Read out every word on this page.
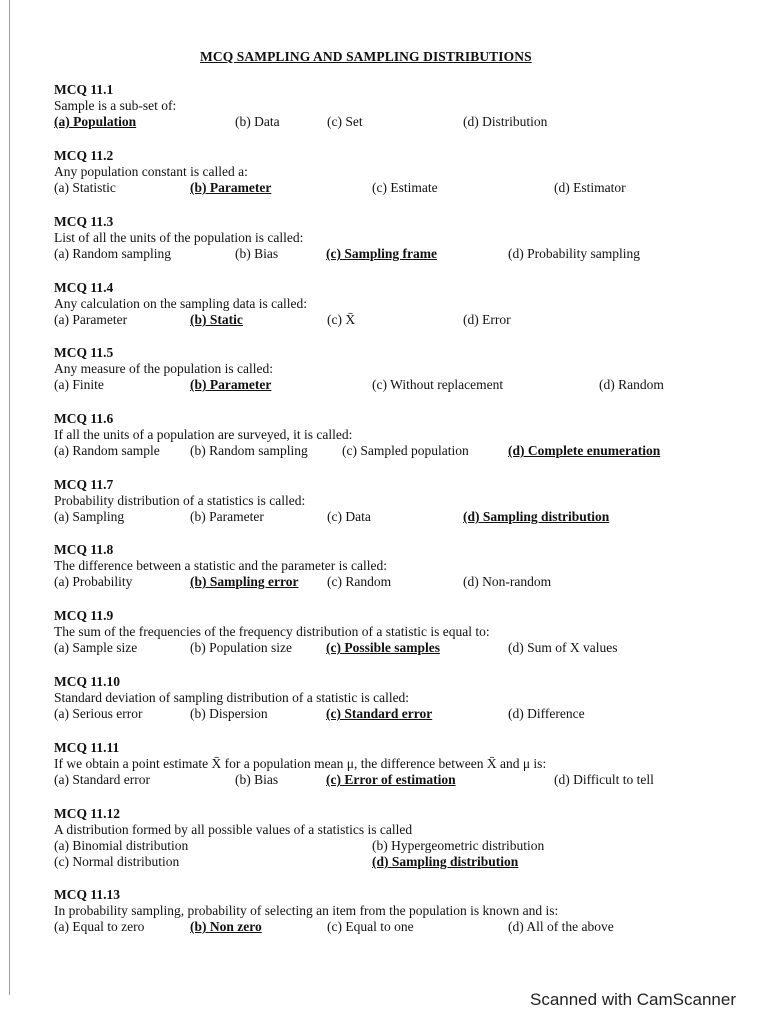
MCQ SAMPLING AND SAMPLING DISTRIBUTIONS
MCQ 11.1
Sample is a sub-set of:
(a) Population	(b) Data	(c) Set	(d) Distribution
MCQ 11.2
Any population constant is called a:
(a) Statistic	(b) Parameter	(c) Estimate	(d) Estimator
MCQ 11.3
List of all the units of the population is called:
(a) Random sampling	(b) Bias	(c) Sampling frame	(d) Probability sampling
MCQ 11.4
Any calculation on the sampling data is called:
(a) Parameter	(b) Static	(c) X̄	(d) Error
MCQ 11.5
Any measure of the population is called:
(a) Finite	(b) Parameter	(c) Without replacement	(d) Random
MCQ 11.6
If all the units of a population are surveyed, it is called:
(a) Random sample (b) Random sampling	(c) Sampled population	(d) Complete enumeration
MCQ 11.7
Probability distribution of a statistics is called:
(a) Sampling	(b) Parameter	(c) Data	(d) Sampling distribution
MCQ 11.8
The difference between a statistic and the parameter is called:
(a) Probability	(b) Sampling error (c) Random	(d) Non-random
MCQ 11.9
The sum of the frequencies of the frequency distribution of a statistic is equal to:
(a) Sample size	(b) Population size	(c) Possible samples	(d) Sum of X values
MCQ 11.10
Standard deviation of sampling distribution of a statistic is called:
(a) Serious error	(b) Dispersion	(c) Standard error	(d) Difference
MCQ 11.11
If we obtain a point estimate X̄ for a population mean μ, the difference between X̄ and μ is:
(a) Standard error	(b) Bias	(c) Error of estimation	(d) Difficult to tell
MCQ 11.12
A distribution formed by all possible values of a statistics is called
(a) Binomial distribution	(b) Hypergeometric distribution
(c) Normal distribution	(d) Sampling distribution
MCQ 11.13
In probability sampling, probability of selecting an item from the population is known and is:
(a) Equal to zero	(b) Non zero	(c) Equal to one	(d) All of the above
Scanned with CamScanner
